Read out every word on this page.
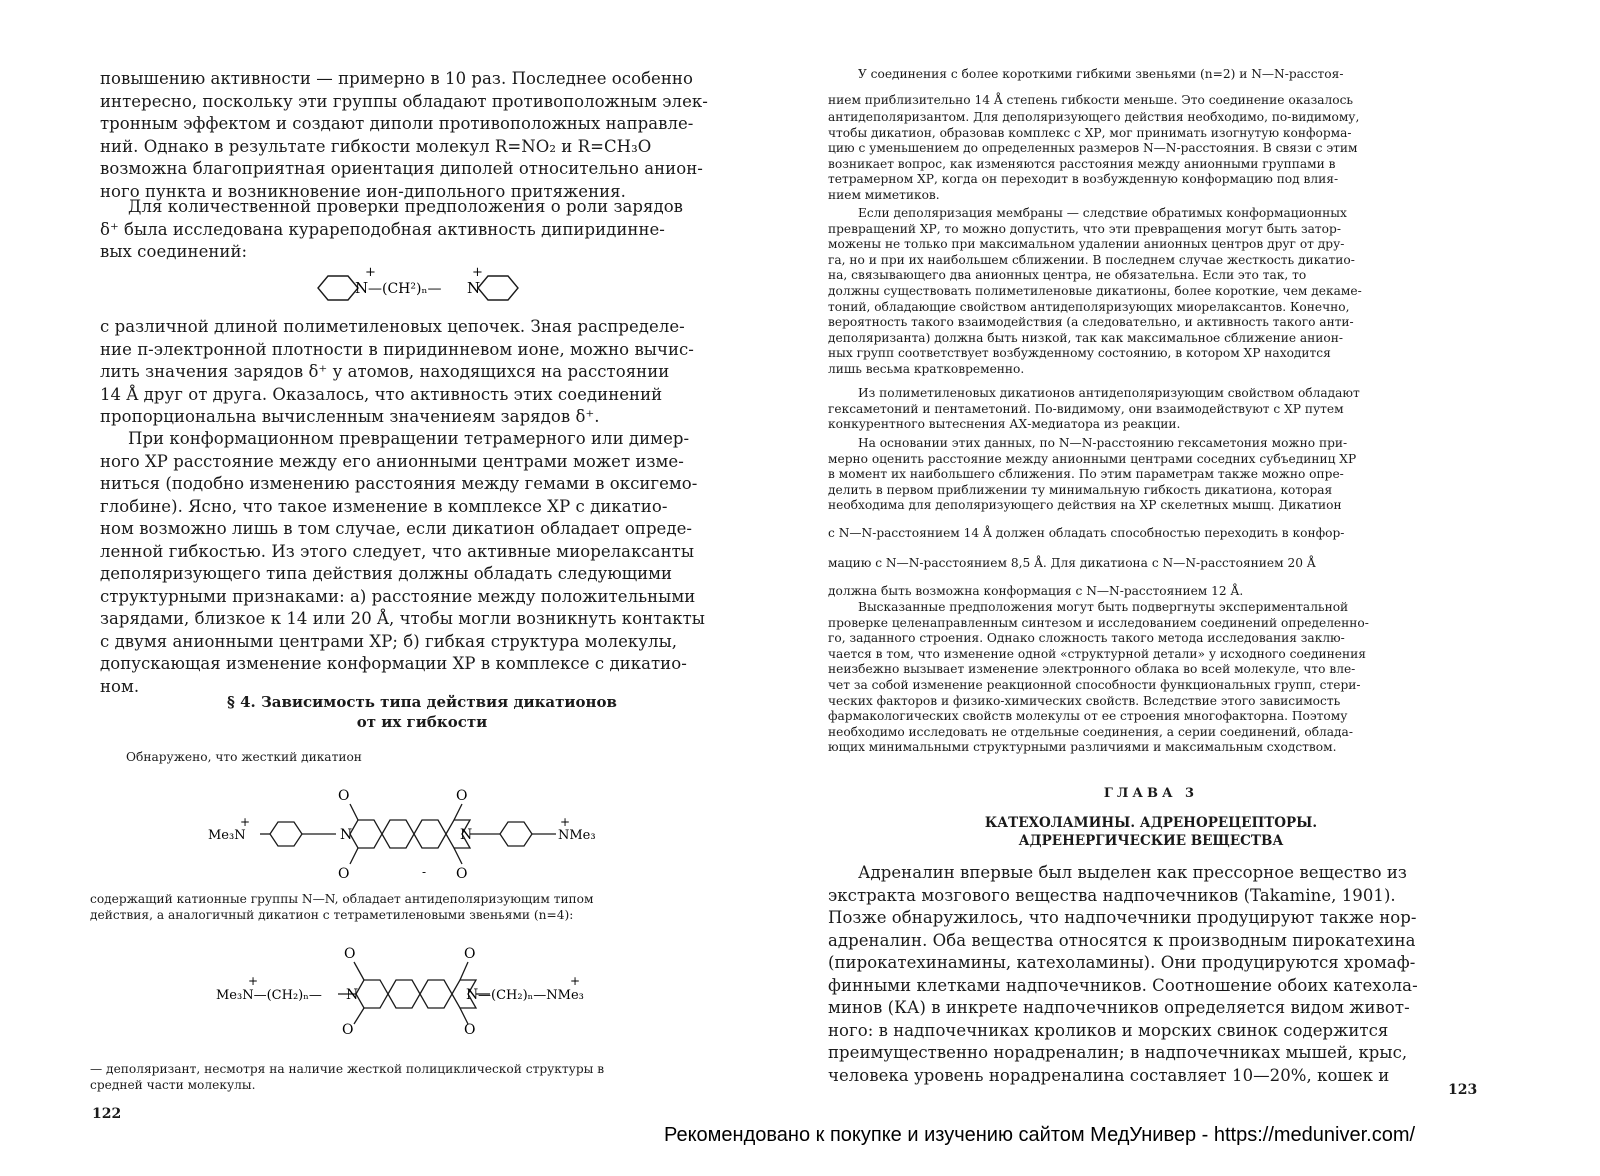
повышению активности — примерно в 10 раз. Последнее особенно
интересно, поскольку эти группы обладают противоположным элек-
тронным эффектом и создают диполи противоположных направле-
ний. Однако в результате гибкости молекул R=NO₂ и R=CH₃O
возможна благоприятная ориентация диполей относительно анион-
ного пункта и возникновение ион-дипольного притяжения.
Для количественной проверки предположения о роли зарядов
δ⁺ была исследована курареподобная активность дипиридинне-
вых соединений:
N
+
—(CH²)ₙ— N
+
с различной длиной полиметиленовых цепочек. Зная распределе-
ние π-электронной плотности в пиридинневом ионе, можно вычис-
лить значения зарядов δ⁺ у атомов, находящихся на расстоянии
14 Å друг от друга. Оказалось, что активность этих соединений
пропорциональна вычисленным значениеям зарядов δ⁺.
При конформационном превращении тетрамерного или димер-
ного ХР расстояние между его анионными центрами может изме-
ниться (подобно изменению расстояния между гемами в оксигемо-
глобине). Ясно, что такое изменение в комплексе ХР с дикатио-
ном возможно лишь в том случае, если дикатион обладает опреде-
ленной гибкостью. Из этого следует, что активные миорелаксанты
деполяризующего типа действия должны обладать следующими
структурными признаками: а) расстояние между положительными
зарядами, близкое к 14 или 20 Å, чтобы могли возникнуть контакты
с двумя анионными центрами ХР; б) гибкая структура молекулы,
допускающая изменение конформации ХР в комплексе с дикатио-
ном.
§ 4. Зависимость типа действия дикатионов
от их гибкости
Обнаружено, что жесткий дикатион
O	O
O	O
N	N
Me₃N
+
NMe₃
+
-
содержащий катионные группы N—N, обладает антидеполяризующим типом
действия, а аналогичный дикатион с тетраметиленовыми звеньями (n=4):
O	O
O	O
N	N
Me₃N—(CH₂)ₙ—
+
—(CH₂)ₙ—NMe₃
+
— деполяризант, несмотря на наличие жесткой полициклической структуры в
средней части молекулы.
122
У соединения с более короткими гибкими звеньями (n=2) и N—N-расстоя-
нием приблизительно 14 Å степень гибкости меньше. Это соединение оказалось
антидеполяризантом. Для деполяризующего действия необходимо, по-видимому,
чтобы дикатион, образовав комплекс с ХР, мог принимать изогнутую конформа-
цию с уменьшением до определенных размеров N—N-расстояния. В связи с этим
возникает вопрос, как изменяются расстояния между анионными группами в
тетрамерном ХР, когда он переходит в возбужденную конформацию под влия-
нием миметиков.
Если деполяризация мембраны — следствие обратимых конформационных
превращений ХР, то можно допустить, что эти превращения могут быть затор-
можены не только при максимальном удалении анионных центров друг от дру-
га, но и при их наибольшем сближении. В последнем случае жесткость дикатио-
на, связывающего два анионных центра, не обязательна. Если это так, то
должны существовать полиметиленовые дикатионы, более короткие, чем декаме-
тоний, обладающие свойством антидеполяризующих миорелаксантов. Конечно,
вероятность такого взаимодействия (а следовательно, и активность такого анти-
деполяризанта) должна быть низкой, так как максимальное сближение анион-
ных групп соответствует возбужденному состоянию, в котором ХР находится
лишь весьма кратковременно.
Из полиметиленовых дикатионов антидеполяризующим свойством обладают
гексаметоний и пентаметоний. По-видимому, они взаимодействуют с ХР путем
конкурентного вытеснения АХ-медиатора из реакции.
На основании этих данных, по N—N-расстоянию гексаметония можно при-
мерно оценить расстояние между анионными центрами соседних субъединиц ХР
в момент их наибольшего сближения. По этим параметрам также можно опре-
делить в первом приближении ту минимальную гибкость дикатиона, которая
необходима для деполяризующего действия на ХР скелетных мышц. Дикатион
с N—N-расстоянием 14 Å должен обладать способностью переходить в конфор-
мацию с N—N-расстоянием 8,5 Å. Для дикатиона с N—N-расстоянием 20 Å
должна быть возможна конформация с N—N-расстоянием 12 Å.
Высказанные предположения могут быть подвергнуты экспериментальной
проверке целенаправленным синтезом и исследованием соединений определенно-
го, заданного строения. Однако сложность такого метода исследования заклю-
чается в том, что изменение одной «структурной детали» у исходного соединения
неизбежно вызывает изменение электронного облака во всей молекуле, что вле-
чет за собой изменение реакционной способности функциональных групп, стери-
ческих факторов и физико-химических свойств. Вследствие этого зависимость
фармакологических свойств молекулы от ее строения многофакторна. Поэтому
необходимо исследовать не отдельные соединения, а серии соединений, облада-
ющих минимальными структурными различиями и максимальным сходством.
ГЛАВА 3
КАТЕХОЛАМИНЫ. АДРЕНОРЕЦЕПТОРЫ.
АДРЕНЕРГИЧЕСКИЕ ВЕЩЕСТВА
Адреналин впервые был выделен как прессорное вещество из
экстракта мозгового вещества надпочечников (Takamine, 1901).
Позже обнаружилось, что надпочечники продуцируют также нор-
адреналин. Оба вещества относятся к производным пирокатехина
(пирокатехинамины, катехоламины). Они продуцируются хромаф-
финными клетками надпочечников. Соотношение обоих катехола-
минов (КА) в инкрете надпочечников определяется видом живот-
ного: в надпочечниках кроликов и морских свинок содержится
преимущественно норадреналин; в надпочечниках мышей, крыс,
человека уровень норадреналина составляет 10—20%, кошек и
123
Рекомендовано к покупке и изучению сайтом МедУнивер - https://meduniver.com/
